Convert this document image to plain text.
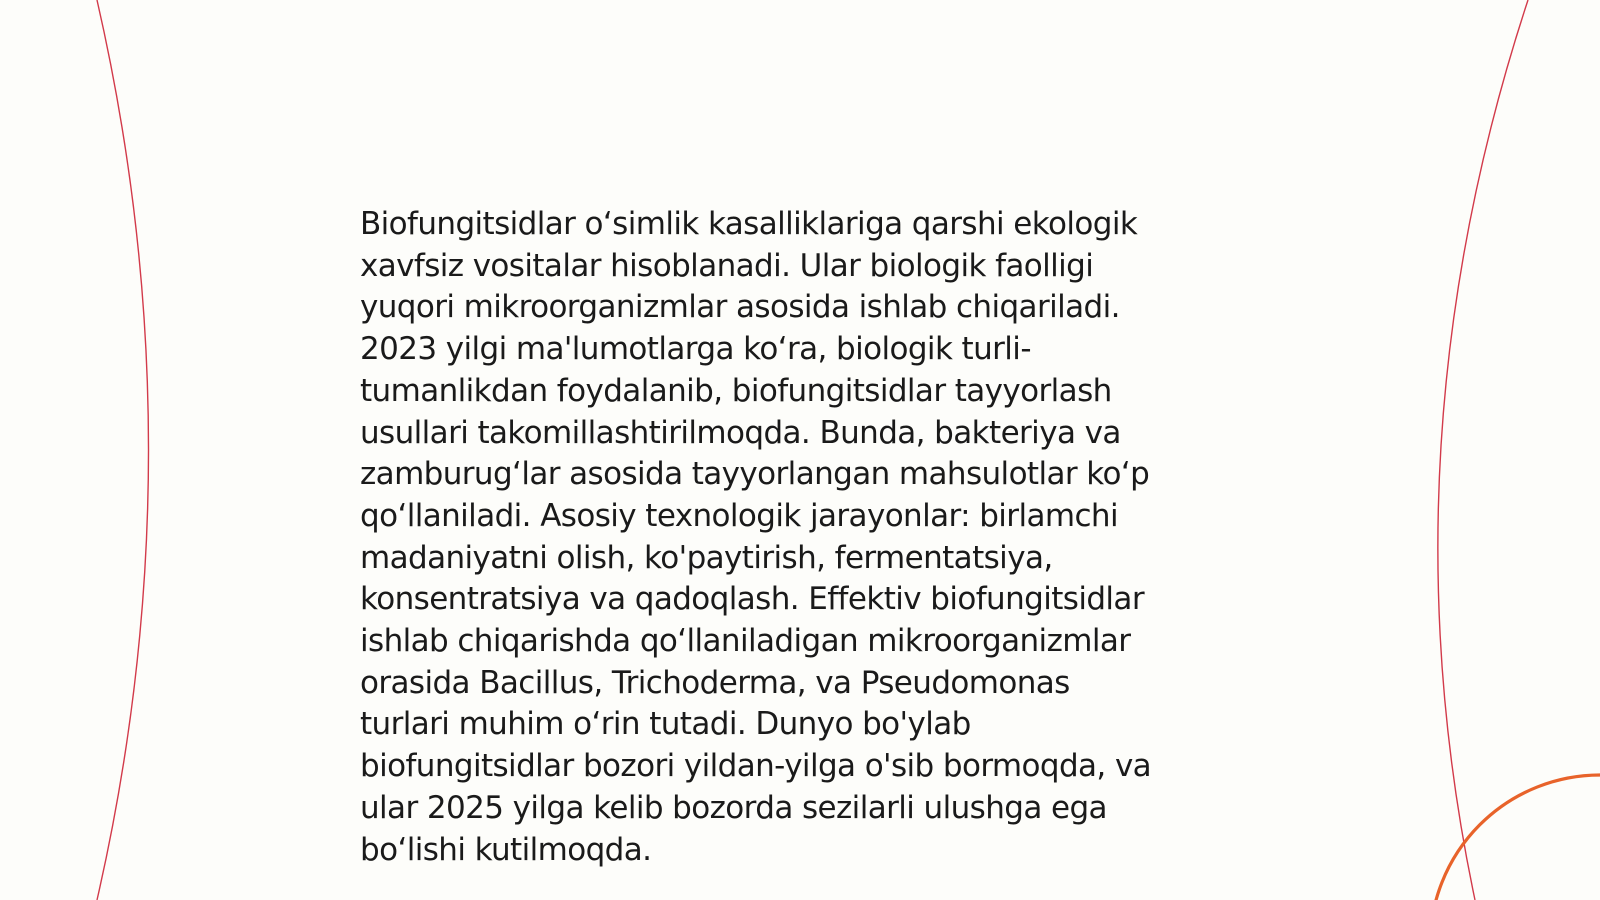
Biofungitsidlar oʻsimlik kasalliklariga qarshi ekologik
xavfsiz vositalar hisoblanadi. Ular biologik faolligi
yuqori mikroorganizmlar asosida ishlab chiqariladi.
2023 yilgi ma'lumotlarga koʻra, biologik turli-
tumanlikdan foydalanib, biofungitsidlar tayyorlash
usullari takomillashtirilmoqda. Bunda, bakteriya va
zamburugʻlar asosida tayyorlangan mahsulotlar koʻp
qoʻllaniladi. Asosiy texnologik jarayonlar: birlamchi
madaniyatni olish, ko'paytirish, fermentatsiya,
konsentratsiya va qadoqlash. Effektiv biofungitsidlar
ishlab chiqarishda qoʻllaniladigan mikroorganizmlar
orasida Bacillus, Trichoderma, va Pseudomonas
turlari muhim oʻrin tutadi. Dunyo bo'ylab
biofungitsidlar bozori yildan-yilga o'sib bormoqda, va
ular 2025 yilga kelib bozorda sezilarli ulushga ega
boʻlishi kutilmoqda.
